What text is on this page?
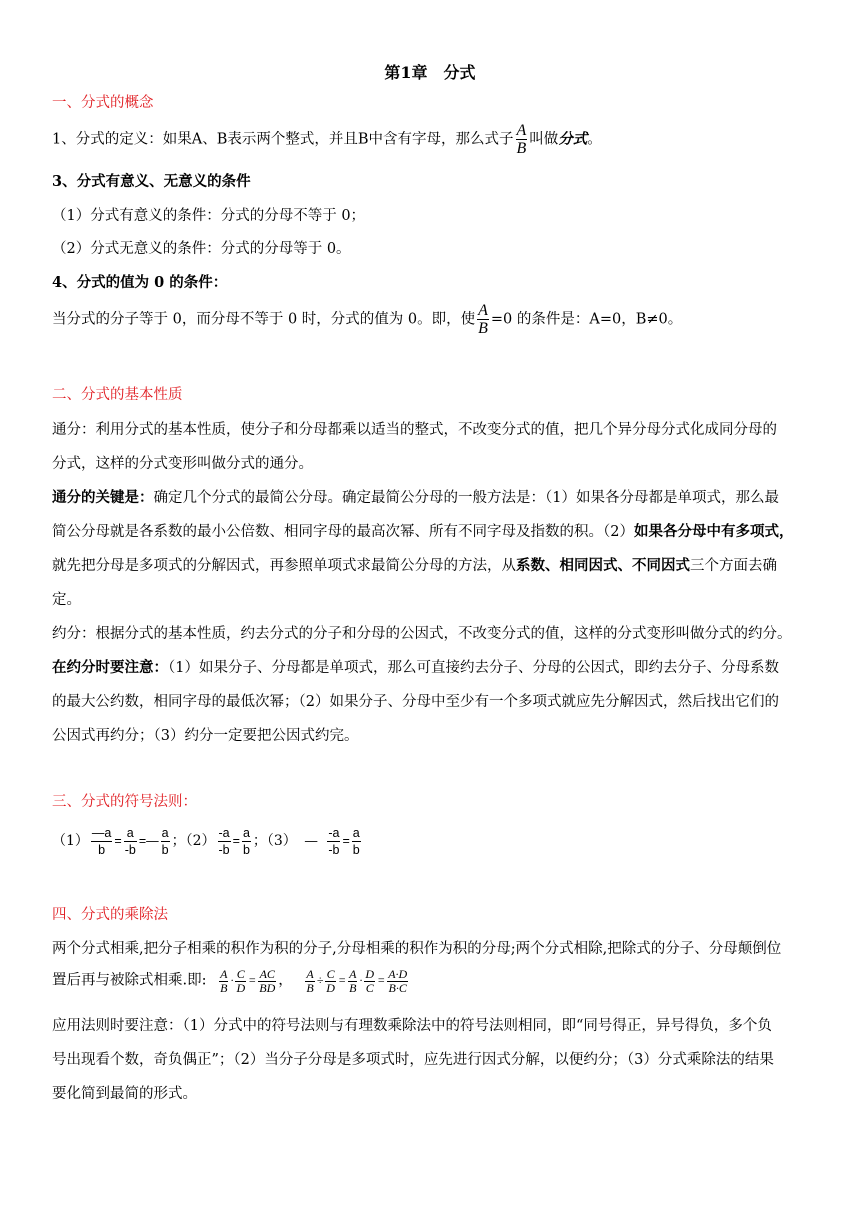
第1章　分式
一、分式的概念
1、分式的定义：如果A、B表示两个整式，并且B中含有字母，那么式子 $\frac{A}{B}$ 叫做分式。
3、分式有意义、无意义的条件
（1）分式有意义的条件：分式的分母不等于 0；
（2）分式无意义的条件：分式的分母等于 0。
4、分式的值为 0 的条件：
当分式的分子等于 0，而分母不等于 0 时，分式的值为 0。即，使 $\frac{A}{B} =0$ 的条件是：A=0，B≠0。
二、分式的基本性质
通分：利用分式的基本性质，使分子和分母都乘以适当的整式，不改变分式的值，把几个异分母分式化成同分母的
分式，这样的分式变形叫做分式的通分。
通分的关键是：确定几个分式的最简公分母。确定最简公分母的一般方法是：（1）如果各分母都是单项式，那么最
简公分母就是各系数的最小公倍数、相同字母的最高次幂、所有不同字母及指数的积。（2）如果各分母中有多项式，
就先把分母是多项式的分解因式，再参照单项式求最简公分母的方法，从系数、相同因式、不同因式三个方面去确
定。
约分：根据分式的基本性质，约去分式的分子和分母的公因式，不改变分式的值，这样的分式变形叫做分式的约分。
在约分时要注意：（1）如果分子、分母都是单项式，那么可直接约去分子、分母的公因式，即约去分子、分母系数
的最大公约数，相同字母的最低次幂；（2）如果分子、分母中至少有一个多项式就应先分解因式，然后找出它们的
公因式再约分；（3）约分一定要把公因式约完。
三、分式的符号法则：
$(1) \frac{—a}{b} = \frac{a}{-b}$ =— $\frac{a}{b}$ ；$(2) \frac{-a}{-b} = \frac{a}{b}$ ；（3） — $\frac{-a}{-b} = \frac{a}{b}$
四、分式的乘除法
两个分式相乘,把分子相乘的积作为积的分子,分母相乘的积作为积的分母;两个分式相除,把除式的分子、分母颠倒位
置后再与被除式相乘.即: $\frac{A}{B} \cdot \frac{C}{D} = \frac{AC}{BD}$ ， $\frac{A}{B} \div \frac{C}{D} = \frac{A}{B} \cdot \frac{D}{C} = \frac{A\cdot D}{B\cdot C}$
应用法则时要注意：（1）分式中的符号法则与有理数乘除法中的符号法则相同，即“同号得正，异号得负，多个负
号出现看个数，奇负偶正”；（2）当分子分母是多项式时，应先进行因式分解，以便约分；（3）分式乘除法的结果
要化简到最简的形式。
